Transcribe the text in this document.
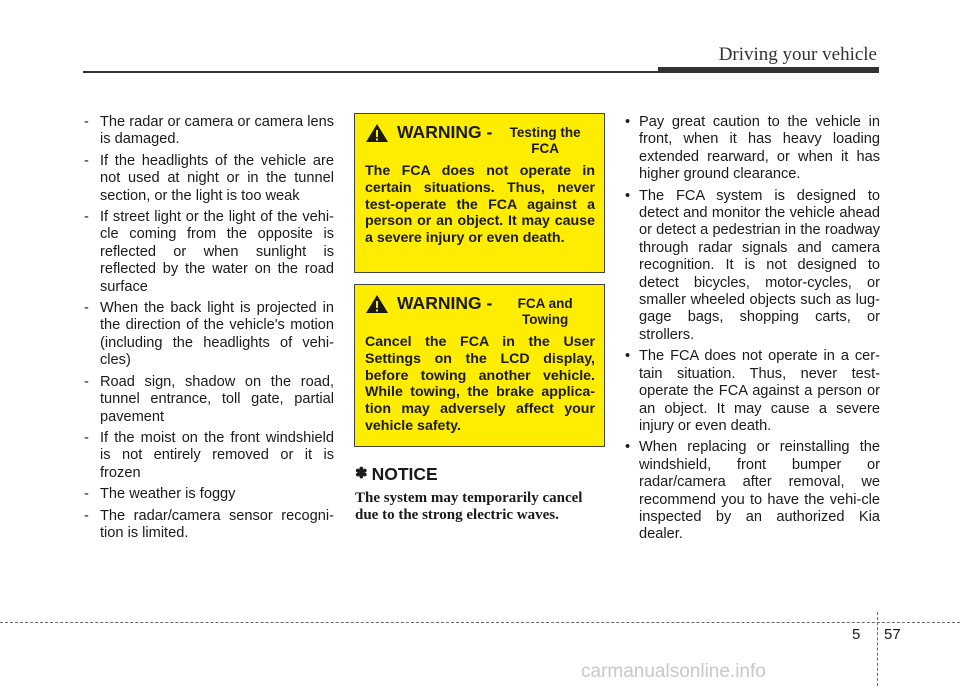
Driving your vehicle
- The radar or camera or camera lens is damaged.
- If the headlights of the vehicle are not used at night or in the tunnel section, or the light is too weak
- If street light or the light of the vehi-cle coming from the opposite is reflected or when sunlight is reflected by the water on the road surface
- When the back light is projected in the direction of the vehicle's motion (including the headlights of vehi-cles)
- Road sign, shadow on the road, tunnel entrance, toll gate, partial pavement
- If the moist on the front windshield is not entirely removed or it is frozen
- The weather is foggy
- The radar/camera sensor recogni-tion is limited.
WARNING -	Testing the FCA
The FCA does not operate in certain situations. Thus, never test-operate the FCA against a person or an object. It may cause a severe injury or even death.
WARNING -	FCA and Towing
Cancel the FCA in the User Settings on the LCD display, before towing another vehicle. While towing, the brake applica-tion may adversely affect your vehicle safety.
✽ NOTICE
The system may temporarily cancel due to the strong electric waves.
• Pay great caution to the vehicle in front, when it has heavy loading extended rearward, or when it has higher ground clearance.
• The FCA system is designed to detect and monitor the vehicle ahead or detect a pedestrian in the roadway through radar signals and camera recognition. It is not designed to detect bicycles, motor-cycles, or smaller wheeled objects such as lug- gage bags, shopping carts, or strollers.
• The FCA does not operate in a cer-tain situation. Thus, never test-operate the FCA against a person or an object. It may cause a severe injury or even death.
• When replacing or reinstalling the windshield, front bumper or radar/camera after removal, we recommend you to have the vehi-cle inspected by an authorized Kia dealer.
5 57
carmanualsonline.info
